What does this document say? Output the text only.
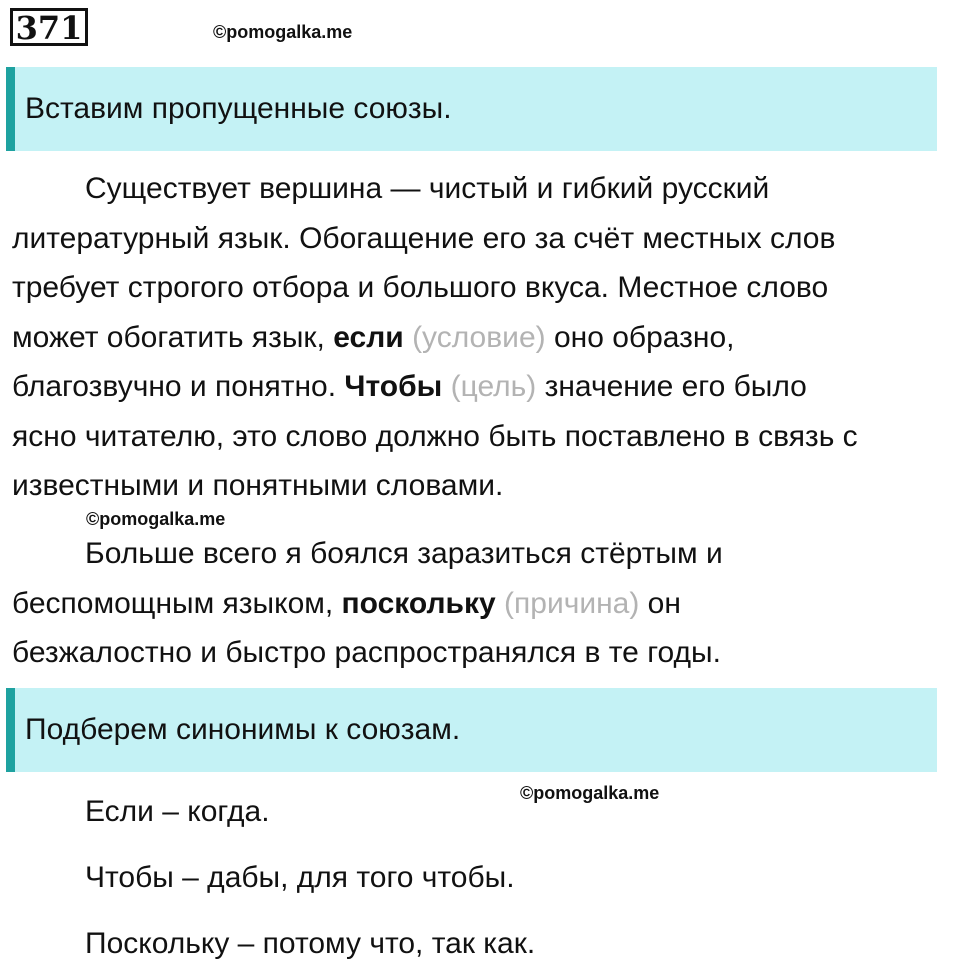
371	©pomogalka.me
Вставим пропущенные союзы.
Существует вершина — чистый и гибкий русский
литературный язык. Обогащение его за счёт местных слов
требует строгого отбора и большого вкуса. Местное слово
может обогатить язык, если (условие) оно образно,
благозвучно и понятно. Чтобы (цель) значение его было
ясно читателю, это слово должно быть поставлено в связь с
известными и понятными словами.
©pomogalka.me
Больше всего я боялся заразиться стёртым и
беспомощным языком, поскольку (причина) он
безжалостно и быстро распространялся в те годы.
Подберем синонимы к союзам.
©pomogalka.me
Если – когда.
Чтобы – дабы, для того чтобы.
Поскольку – потому что, так как.
